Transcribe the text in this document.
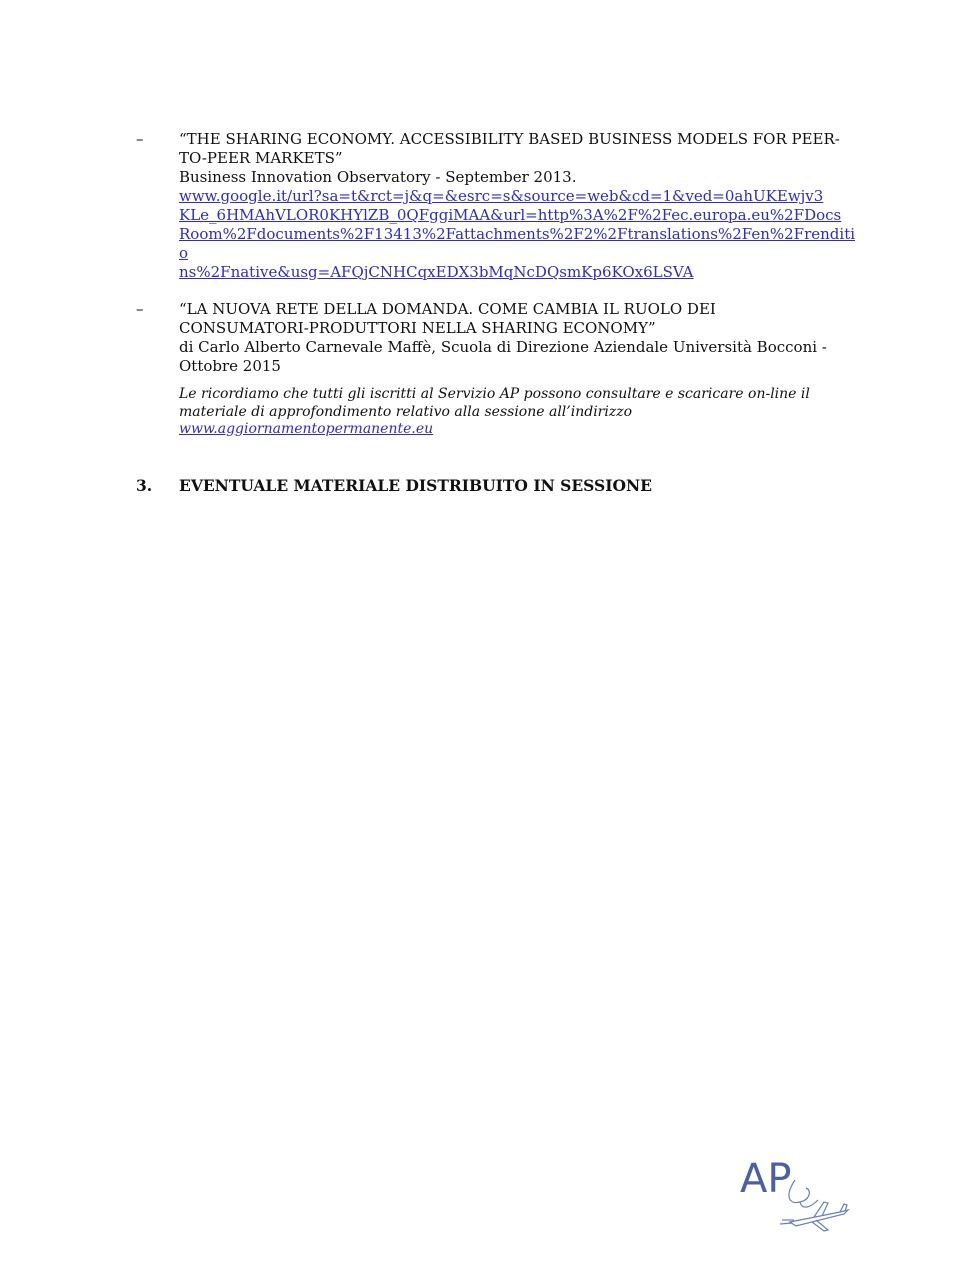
–	“THE SHARING ECONOMY. ACCESSIBILITY BASED BUSINESS MODELS FOR PEER-
TO-PEER MARKETS”
Business Innovation Observatory - September 2013.
www.google.it/url?sa=t&rct=j&q=&esrc=s&source=web&cd=1&ved=0ahUKEwjv3
KLe_6HMAhVLOR0KHYlZB_0QFggiMAA&url=http%3A%2F%2Fec.europa.eu%2FDocs
Room%2Fdocuments%2F13413%2Fattachments%2F2%2Ftranslations%2Fen%2Frenditio
ns%2Fnative&usg=AFQjCNHCqxEDX3bMqNcDQsmKp6KOx6LSVA
–	“LA NUOVA RETE DELLA DOMANDA. COME CAMBIA IL RUOLO DEI
CONSUMATORI-PRODUTTORI NELLA SHARING ECONOMY”
di Carlo Alberto Carnevale Maffè, Scuola di Direzione Aziendale Università Bocconi -
Ottobre 2015
Le ricordiamo che tutti gli iscritti al Servizio AP possono consultare e scaricare on-line il
materiale di approfondimento relativo alla sessione all’indirizzo
www.aggiornamentopermanente.eu
3.	EVENTUALE MATERIALE DISTRIBUITO IN SESSIONE
AP
